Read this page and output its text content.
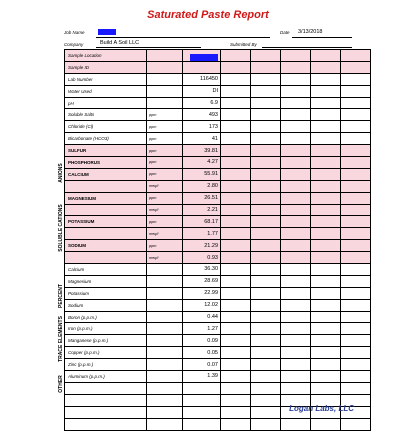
Saturated Paste Report
Job Name	Date 3/13/2018
Company	Build A Soil LLC	Submitted By
ANIONS
SOLUBLE CATIONS
PERCENT
TRACE ELEMENTS
OTHER
Sample Location							
Sample ID							
Lab Number		116450					
Water Used		DI					
pH		6.9					
Soluble Salts	ppm	493					
Chloride (Cl)	ppm	173					
Bicarbonate (HCO3)	ppm	41					
SULFUR	ppm	39.81					
PHOSPHORUS	ppm	4.27					
CALCIUM	ppm	55.91					
	meq/l	2.80					
MAGNESIUM	ppm	26.51					
	meq/l	2.21					
POTASSIUM	ppm	68.17					
	meq/l	1.77					
SODIUM	ppm	21.29					
	meq/l	0.93					
Calcium		36.30					
Magnesium		28.69					
Potassium		22.99					
Sodium		12.02					
Boron (p.p.m.)		0.44					
Iron (p.p.m.)		1.27					
Manganese (p.p.m.)		0.09					
Copper (p.p.m.)		0.05					
Zinc (p.p.m.)		0.07					
Aluminum (p.p.m.)		1.39					

Logan Labs, LLC
